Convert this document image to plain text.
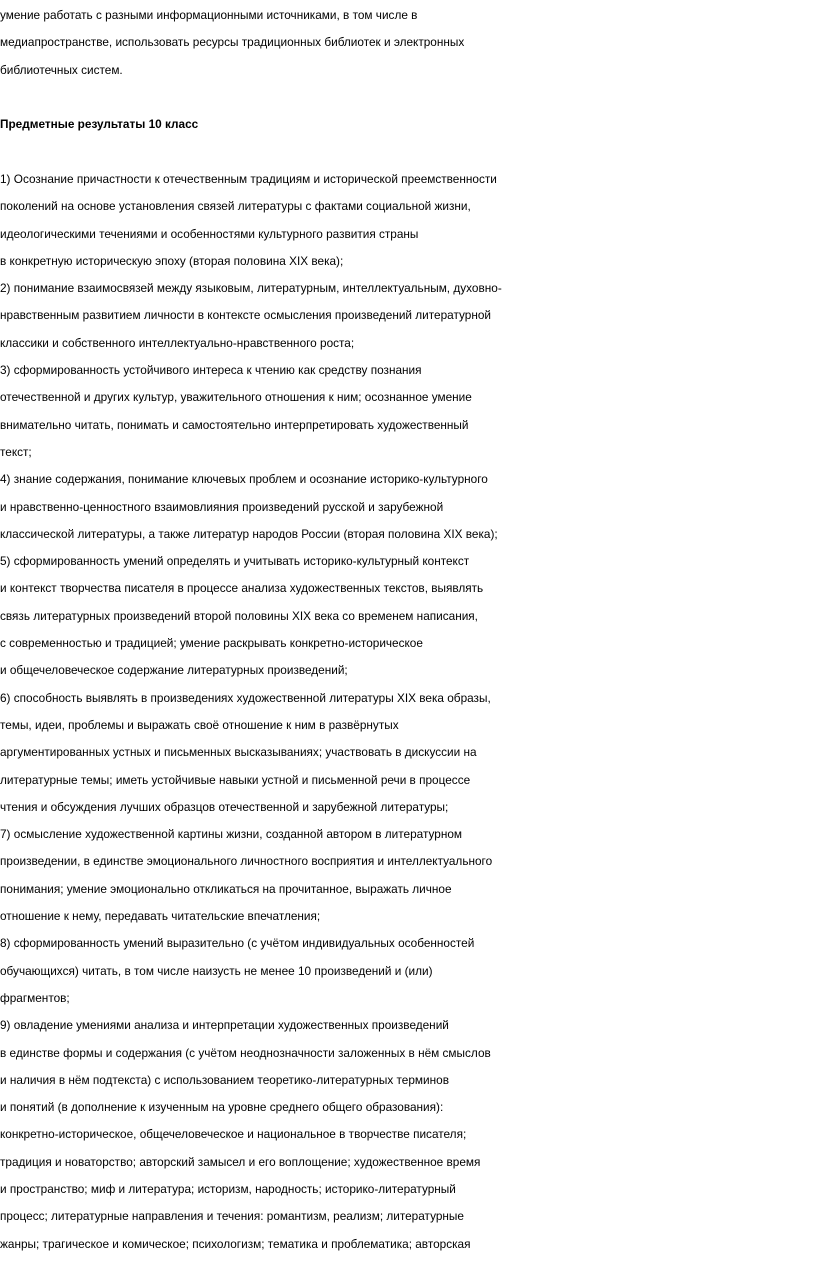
умение работать с разными информационными источниками, в том числе в

медиапространстве, использовать ресурсы традиционных библиотек и электронных

библиотечных систем.

Предметные результаты 10 класс

1) Осознание причастности к отечественным традициям и исторической преемственности

поколений на основе установления связей литературы с фактами социальной жизни,

идеологическими течениями и особенностями культурного развития страны

в конкретную историческую эпоху (вторая половина XIX века);

2) понимание взаимосвязей между языковым, литературным, интеллектуальным, духовно-

нравственным развитием личности в контексте осмысления произведений литературной

классики и собственного интеллектуально-нравственного роста;

3) сформированность устойчивого интереса к чтению как средству познания

отечественной и других культур, уважительного отношения к ним; осознанное умение

внимательно читать, понимать и самостоятельно интерпретировать художественный

текст;

4) знание содержания, понимание ключевых проблем и осознание историко-культурного

и нравственно-ценностного взаимовлияния произведений русской и зарубежной

классической литературы, а также литератур народов России (вторая половина XIX века);

5) сформированность умений определять и учитывать историко-культурный контекст

и контекст творчества писателя в процессе анализа художественных текстов, выявлять

связь литературных произведений второй половины XIX века со временем написания,

с современностью и традицией; умение раскрывать конкретно-историческое

и общечеловеческое содержание литературных произведений;

6) способность выявлять в произведениях художественной литературы XIX века образы,

темы, идеи, проблемы и выражать своё отношение к ним в развёрнутых

аргументированных устных и письменных высказываниях; участвовать в дискуссии на

литературные темы; иметь устойчивые навыки устной и письменной речи в процессе

чтения и обсуждения лучших образцов отечественной и зарубежной литературы;

7) осмысление художественной картины жизни, созданной автором в литературном

произведении, в единстве эмоционального личностного восприятия и интеллектуального

понимания; умение эмоционально откликаться на прочитанное, выражать личное

отношение к нему, передавать читательские впечатления;

8) сформированность умений выразительно (с учётом индивидуальных особенностей

обучающихся) читать, в том числе наизусть не менее 10 произведений и (или)

фрагментов;

9) овладение умениями анализа и интерпретации художественных произведений

в единстве формы и содержания (с учётом неоднозначности заложенных в нём смыслов

и наличия в нём подтекста) с использованием теоретико-литературных терминов

и понятий (в дополнение к изученным на уровне среднего общего образования):

конкретно-историческое, общечеловеческое и национальное в творчестве писателя;

традиция и новаторство; авторский замысел и его воплощение; художественное время

и пространство; миф и литература; историзм, народность; историко-литературный

процесс; литературные направления и течения: романтизм, реализм; литературные

жанры; трагическое и комическое; психологизм; тематика и проблематика; авторская
